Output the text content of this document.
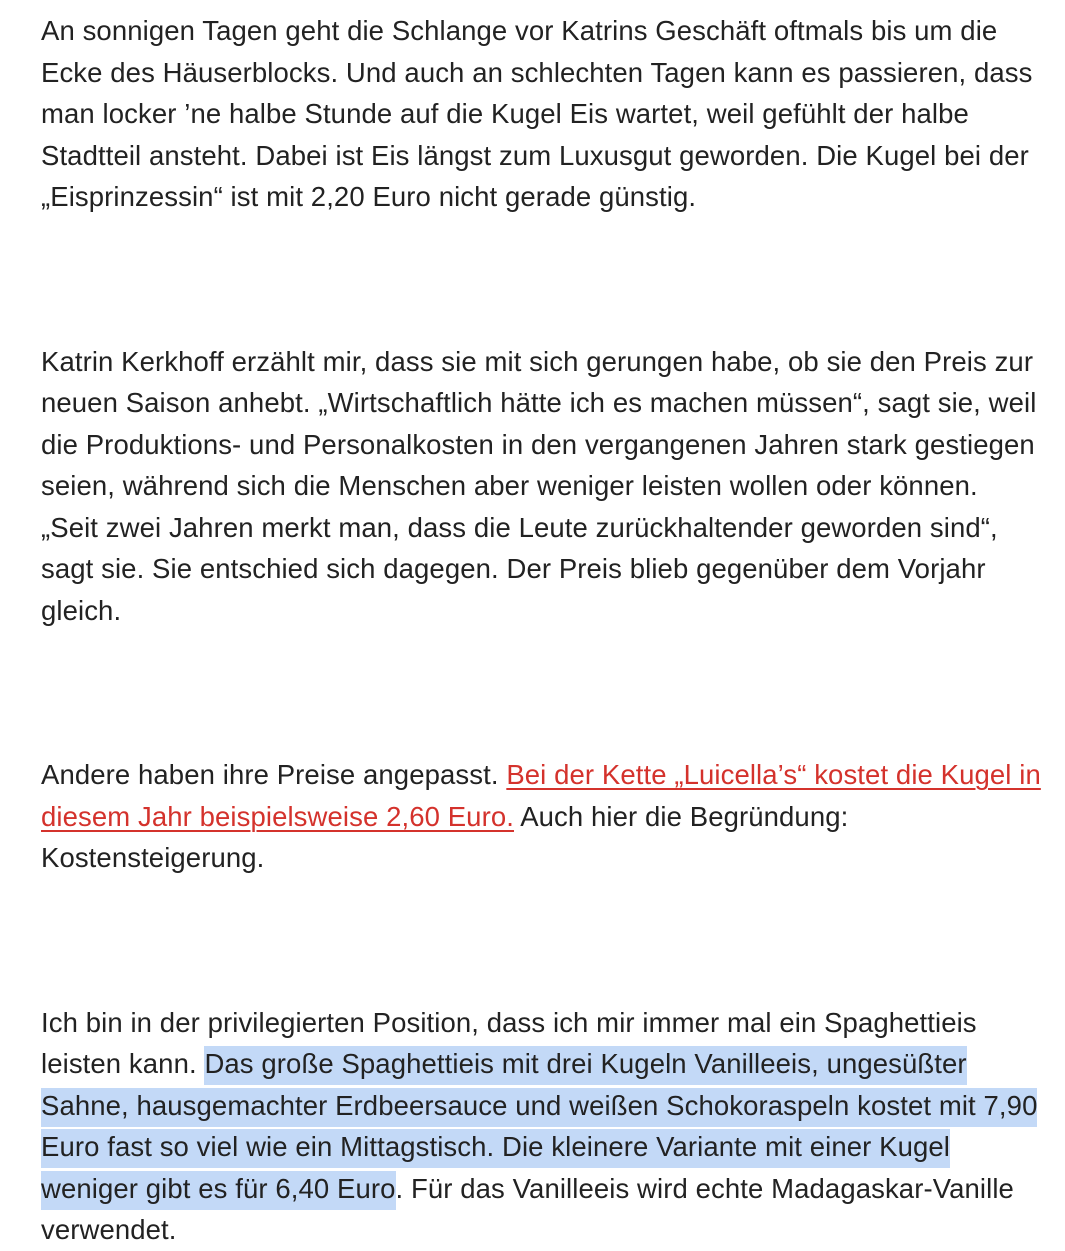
An sonnigen Tagen geht die Schlange vor Katrins Geschäft oftmals bis um die Ecke des Häuserblocks. Und auch an schlechten Tagen kann es passieren, dass man locker ’ne halbe Stunde auf die Kugel Eis wartet, weil gefühlt der halbe Stadtteil ansteht. Dabei ist Eis längst zum Luxusgut geworden. Die Kugel bei der „Eisprinzessin“ ist mit 2,20 Euro nicht gerade günstig.

Katrin Kerkhoff erzählt mir, dass sie mit sich gerungen habe, ob sie den Preis zur neuen Saison anhebt. „Wirtschaftlich hätte ich es machen müssen“, sagt sie, weil die Produktions- und Personalkosten in den vergangenen Jahren stark gestiegen seien, während sich die Menschen aber weniger leisten wollen oder können. „Seit zwei Jahren merkt man, dass die Leute zurückhaltender geworden sind“, sagt sie. Sie entschied sich dagegen. Der Preis blieb gegenüber dem Vorjahr gleich.

Andere haben ihre Preise angepasst. Bei der Kette „Luicella’s“ kostet die Kugel in diesem Jahr beispielsweise 2,60 Euro. Auch hier die Begründung: Kostensteigerung.

Ich bin in der privilegierten Position, dass ich mir immer mal ein Spaghettieis leisten kann. Das große Spaghettieis mit drei Kugeln Vanilleeis, ungesüßter Sahne, hausgemachter Erdbeersauce und weißen Schokoraspeln kostet mit 7,90 Euro fast so viel wie ein Mittagstisch. Die kleinere Variante mit einer Kugel weniger gibt es für 6,40 Euro. Für das Vanilleeis wird echte Madagaskar-Vanille verwendet.
